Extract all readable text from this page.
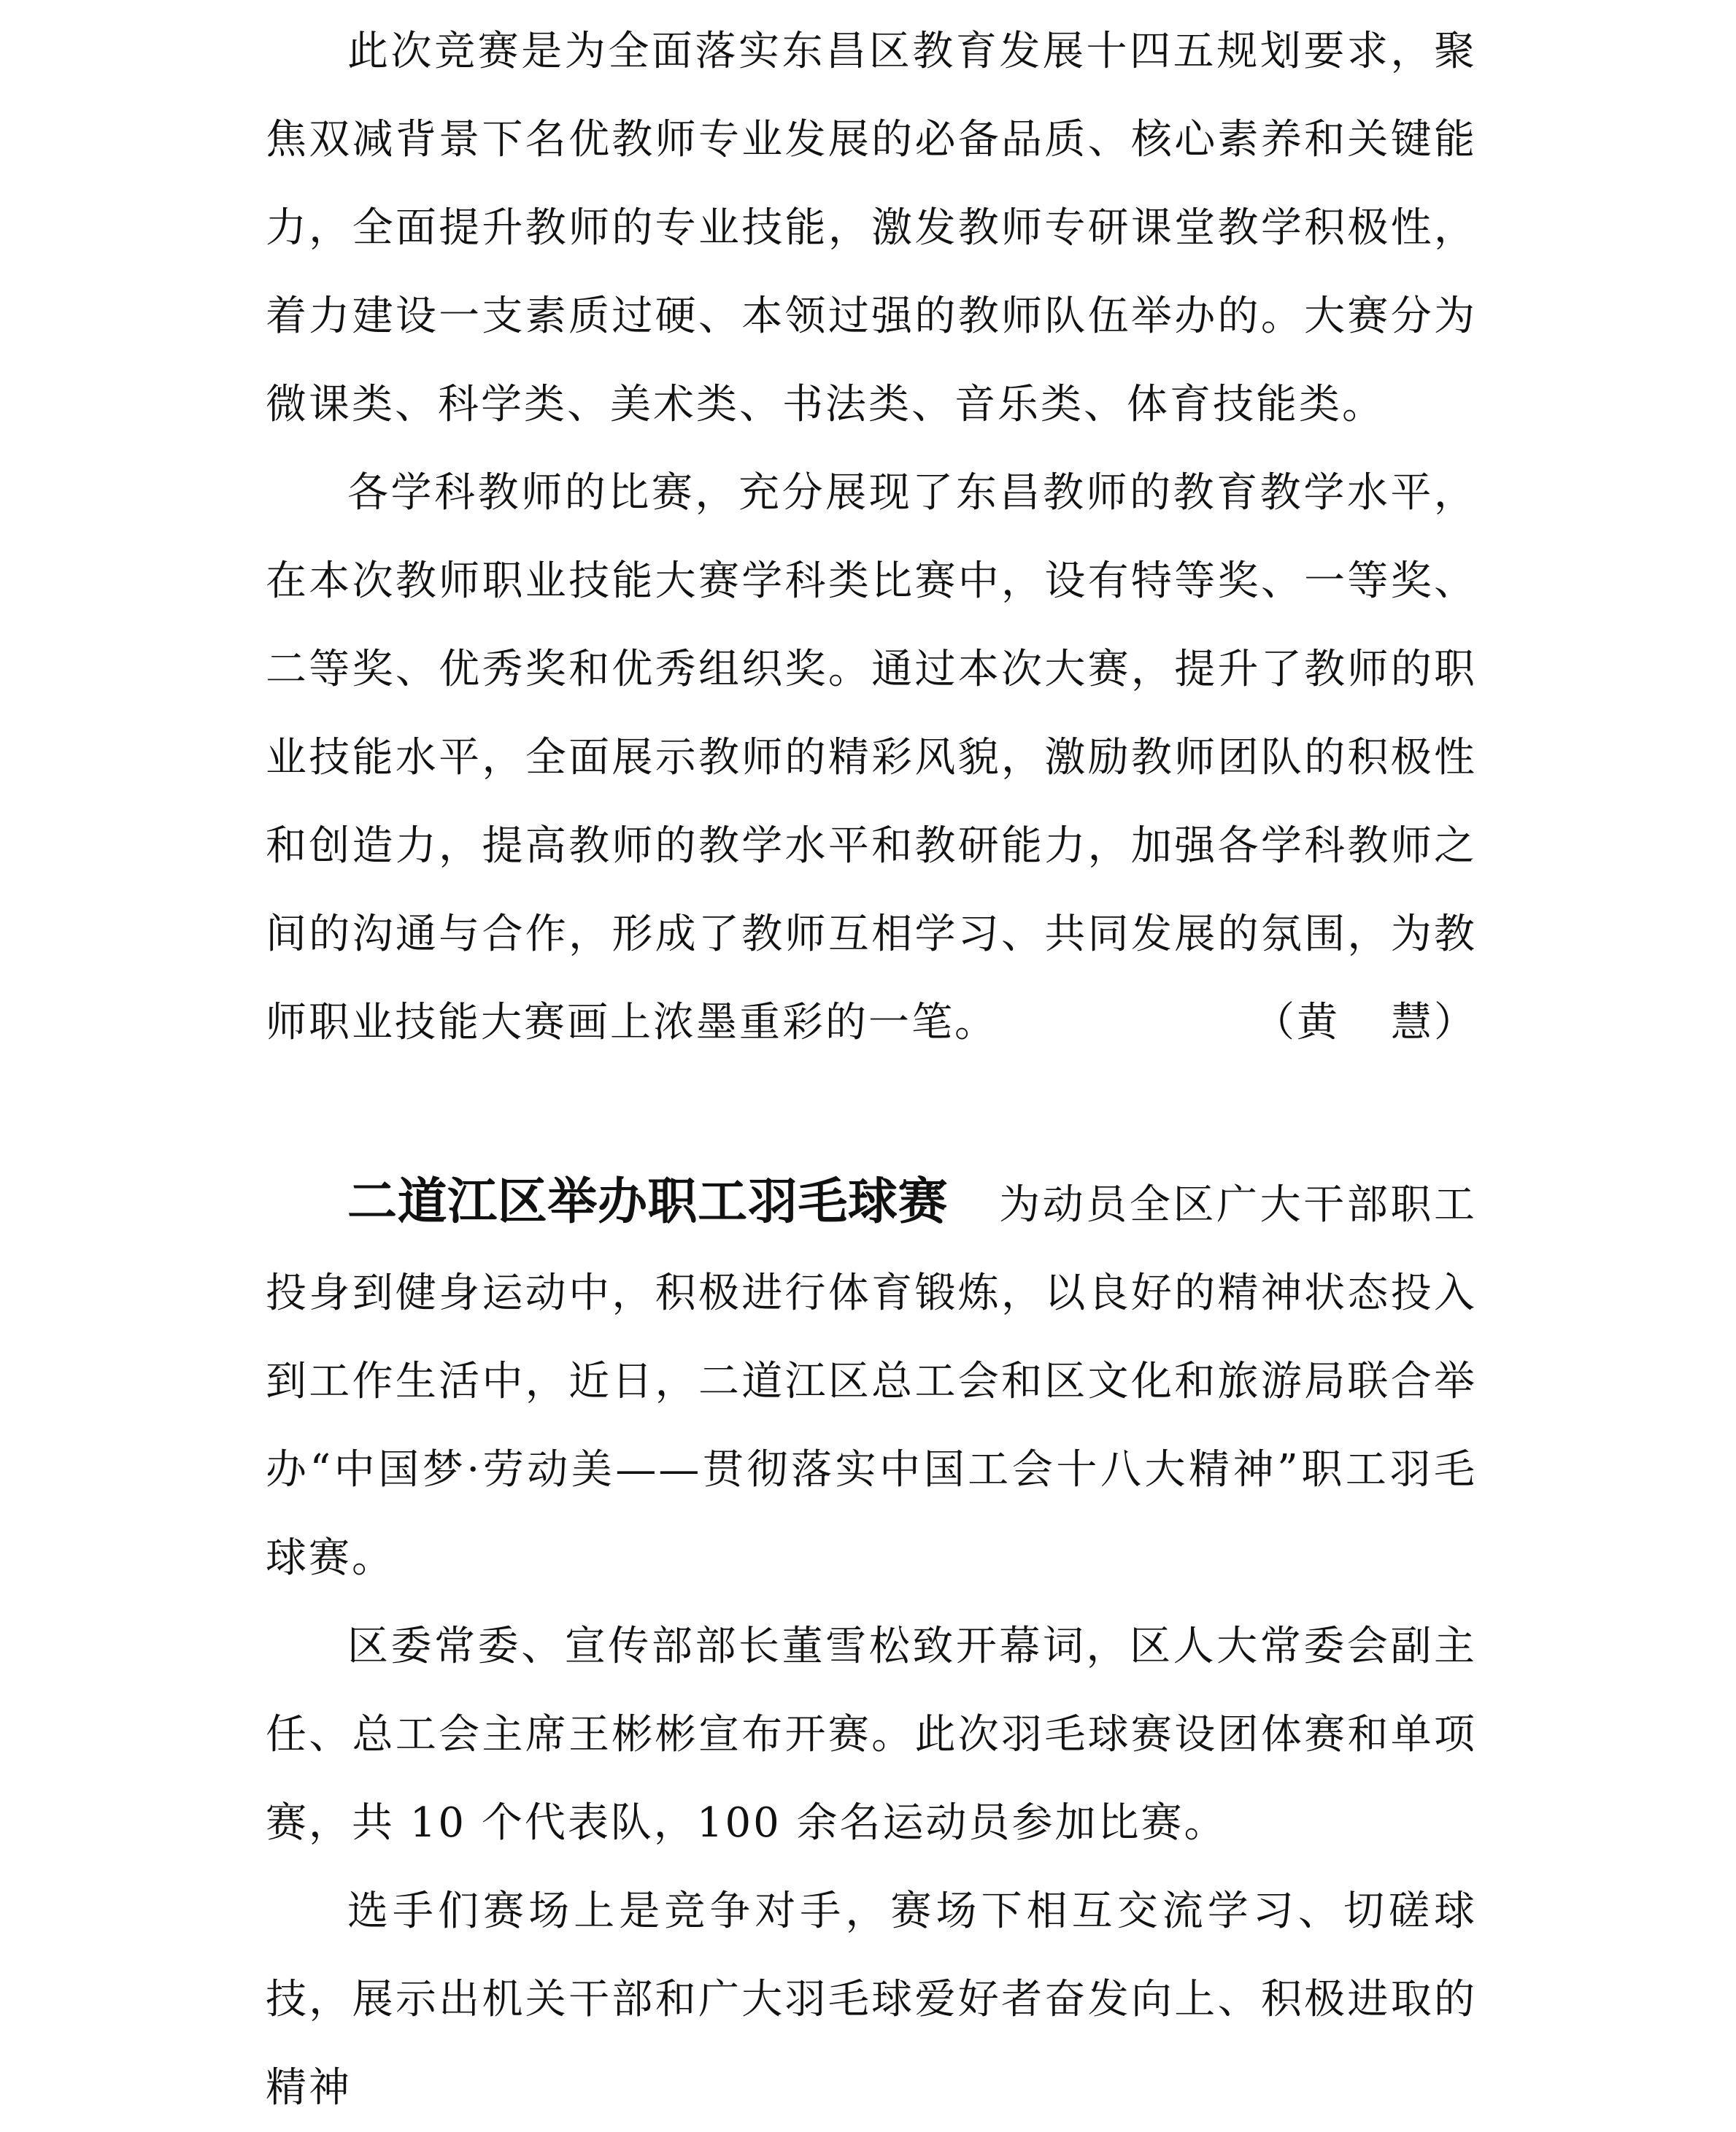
此次竞赛是为全面落实东昌区教育发展十四五规划要求，聚焦双减背景下名优教师专业发展的必备品质、核心素养和关键能力，全面提升教师的专业技能，激发教师专研课堂教学积极性，着力建设一支素质过硬、本领过强的教师队伍举办的。大赛分为微课类、科学类、美术类、书法类、音乐类、体育技能类。

各学科教师的比赛，充分展现了东昌教师的教育教学水平，在本次教师职业技能大赛学科类比赛中，设有特等奖、一等奖、二等奖、优秀奖和优秀组织奖。通过本次大赛，提升了教师的职业技能水平，全面展示教师的精彩风貌，激励教师团队的积极性和创造力，提高教师的教学水平和教研能力，加强各学科教师之间的沟通与合作，形成了教师互相学习、共同发展的氛围，为教师职业技能大赛画上浓墨重彩的一笔。	（黄 慧）

二道江区举办职工羽毛球赛 为动员全区广大干部职工投身到健身运动中，积极进行体育锻炼，以良好的精神状态投入到工作生活中，近日，二道江区总工会和区文化和旅游局联合举办“中国梦·劳动美——贯彻落实中国工会十八大精神”职工羽毛球赛。

区委常委、宣传部部长董雪松致开幕词，区人大常委会副主任、总工会主席王彬彬宣布开赛。此次羽毛球赛设团体赛和单项赛，共 10 个代表队，100 余名运动员参加比赛。

选手们赛场上是竞争对手，赛场下相互交流学习、切磋球技，展示出机关干部和广大羽毛球爱好者奋发向上、积极进取的精神
